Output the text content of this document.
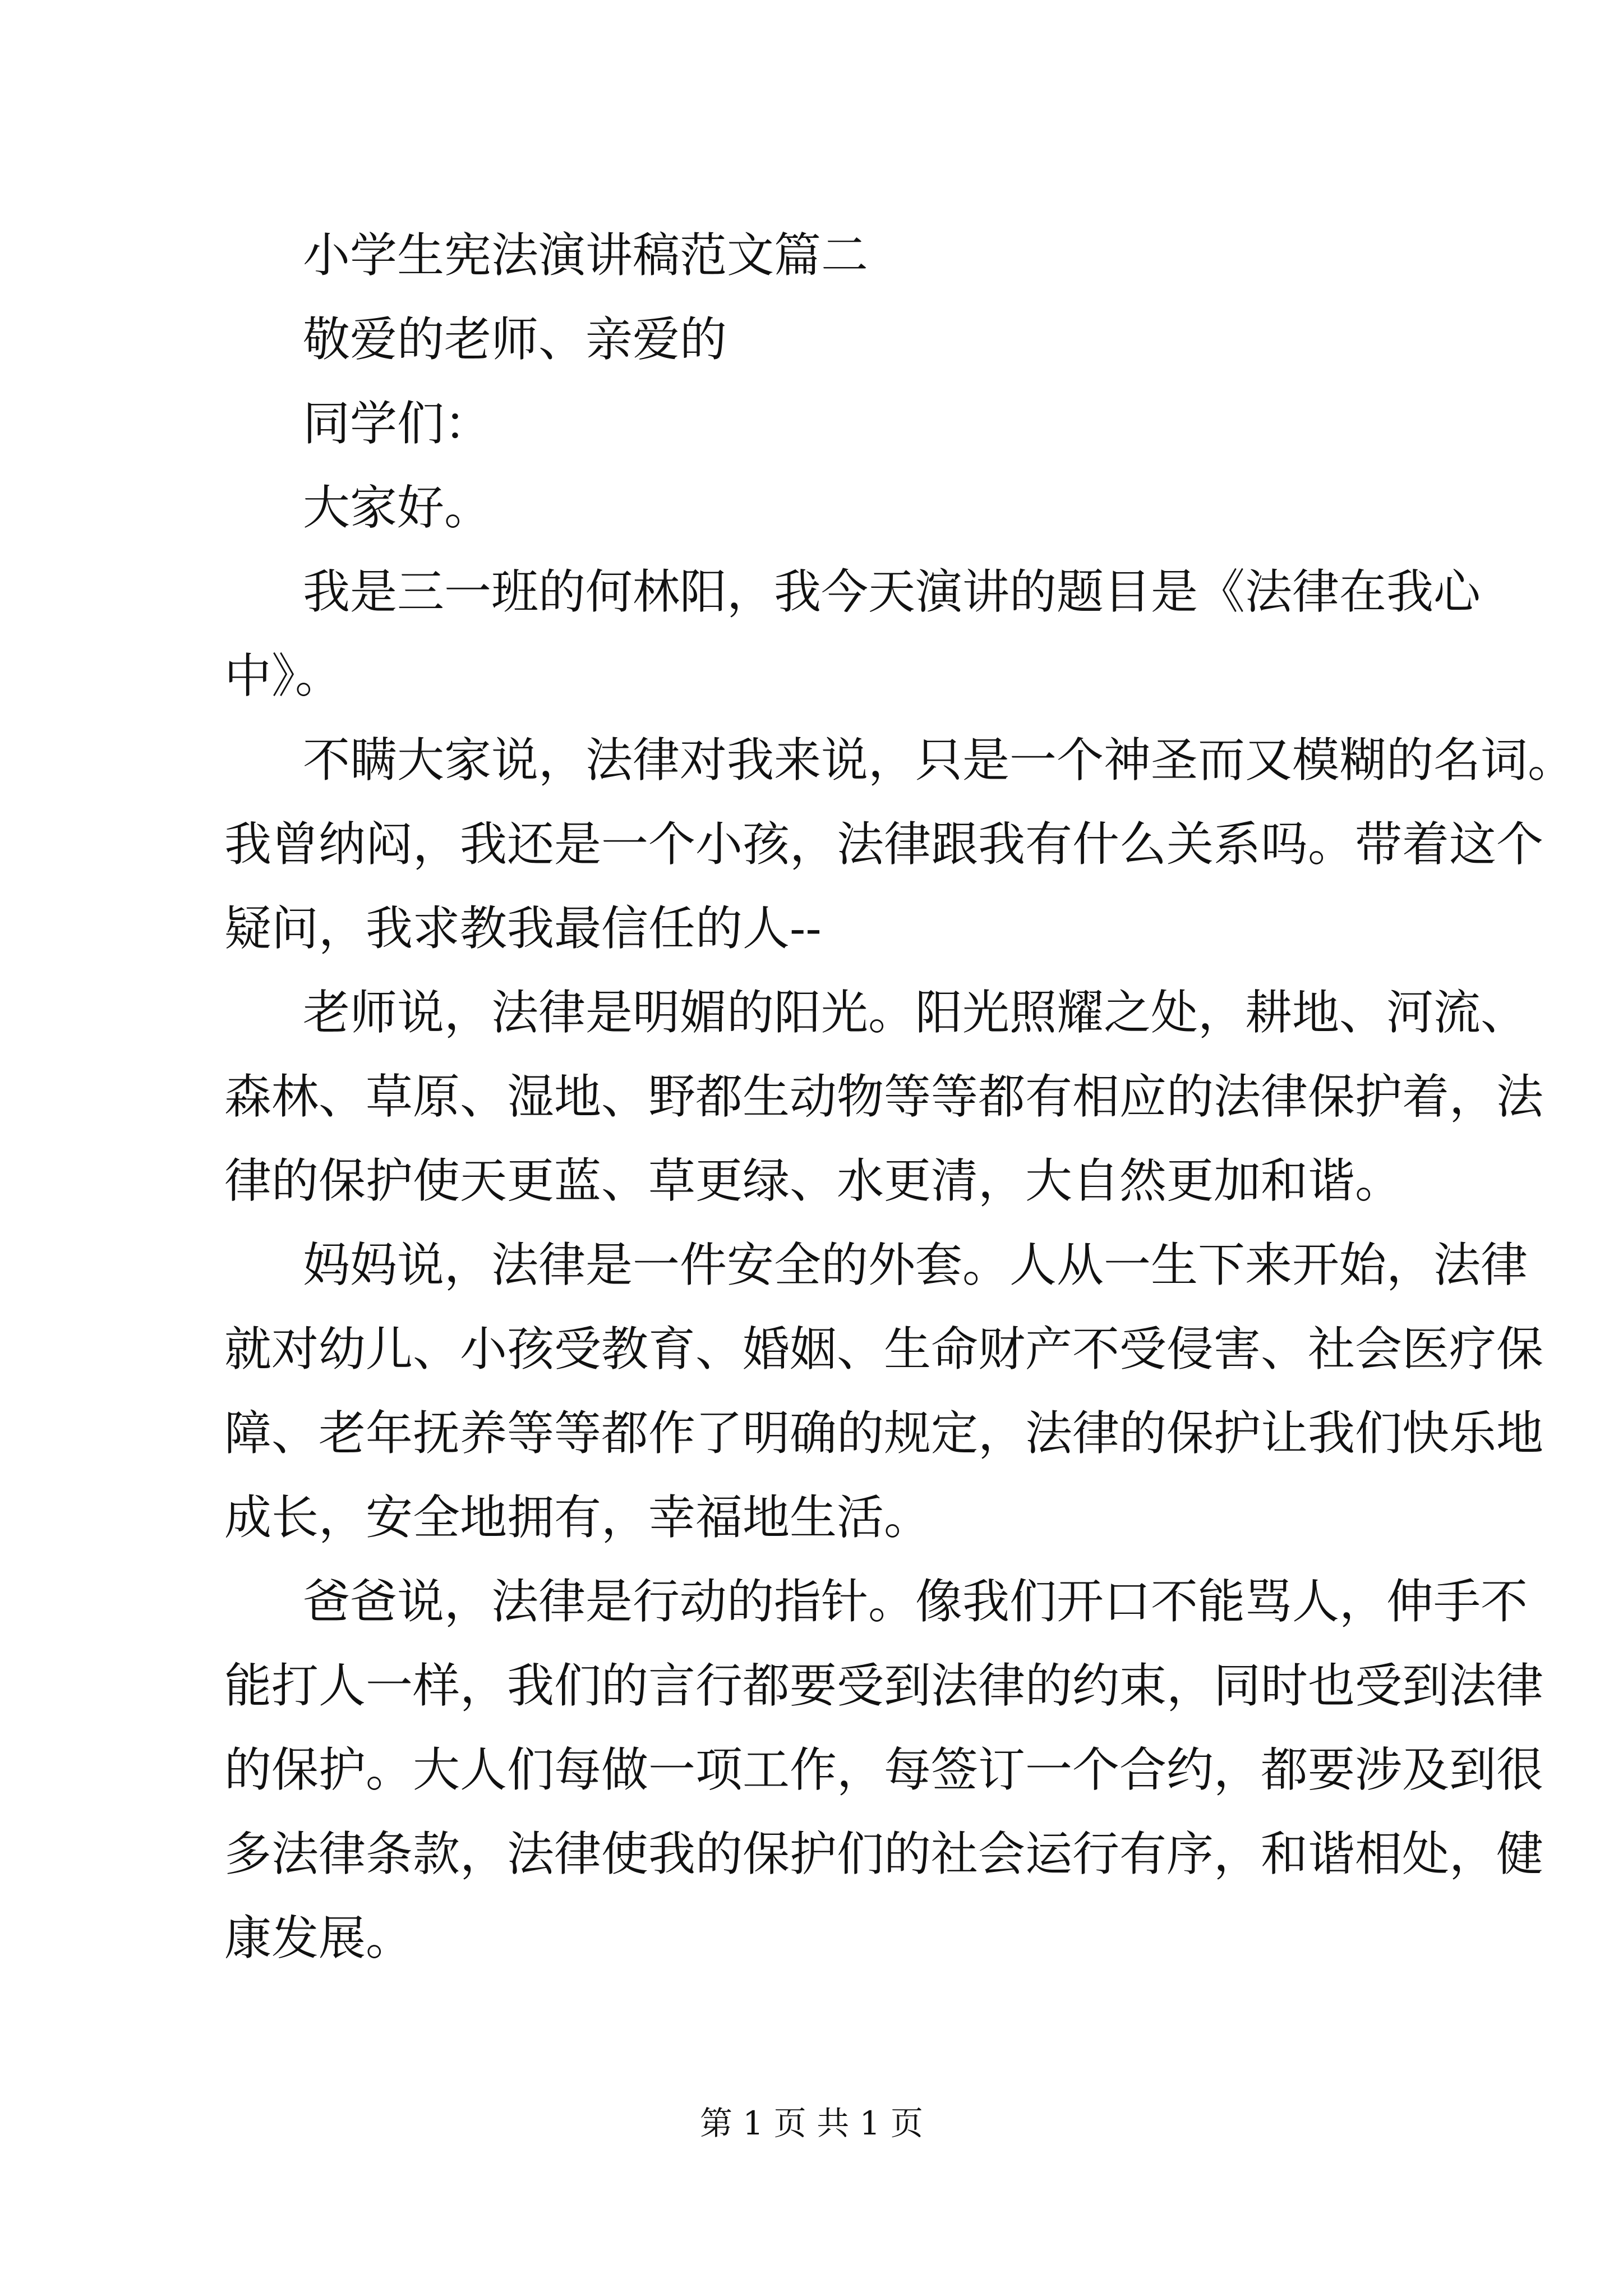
小学生宪法演讲稿范文篇二

敬爱的老师、亲爱的

同学们：

大家好。

我是三一班的何林阳，我今天演讲的题目是《法律在我心

中》。

不瞒大家说，法律对我来说，只是一个神圣而又模糊的名词。

我曾纳闷，我还是一个小孩，法律跟我有什么关系吗。带着这个

疑问，我求教我最信任的人--

老师说，法律是明媚的阳光。阳光照耀之处，耕地、河流、

森林、草原、湿地、野都生动物等等都有相应的法律保护着，法

律的保护使天更蓝、草更绿、水更清，大自然更加和谐。

妈妈说，法律是一件安全的外套。人从一生下来开始，法律

就对幼儿、小孩受教育、婚姻、生命财产不受侵害、社会医疗保

障、老年抚养等等都作了明确的规定，法律的保护让我们快乐地

成长，安全地拥有，幸福地生活。

爸爸说，法律是行动的指针。像我们开口不能骂人，伸手不

能打人一样，我们的言行都要受到法律的约束，同时也受到法律

的保护。大人们每做一项工作，每签订一个合约，都要涉及到很

多法律条款，法律使我的保护们的社会运行有序，和谐相处，健

康发展。

第 1 页 共 1 页
